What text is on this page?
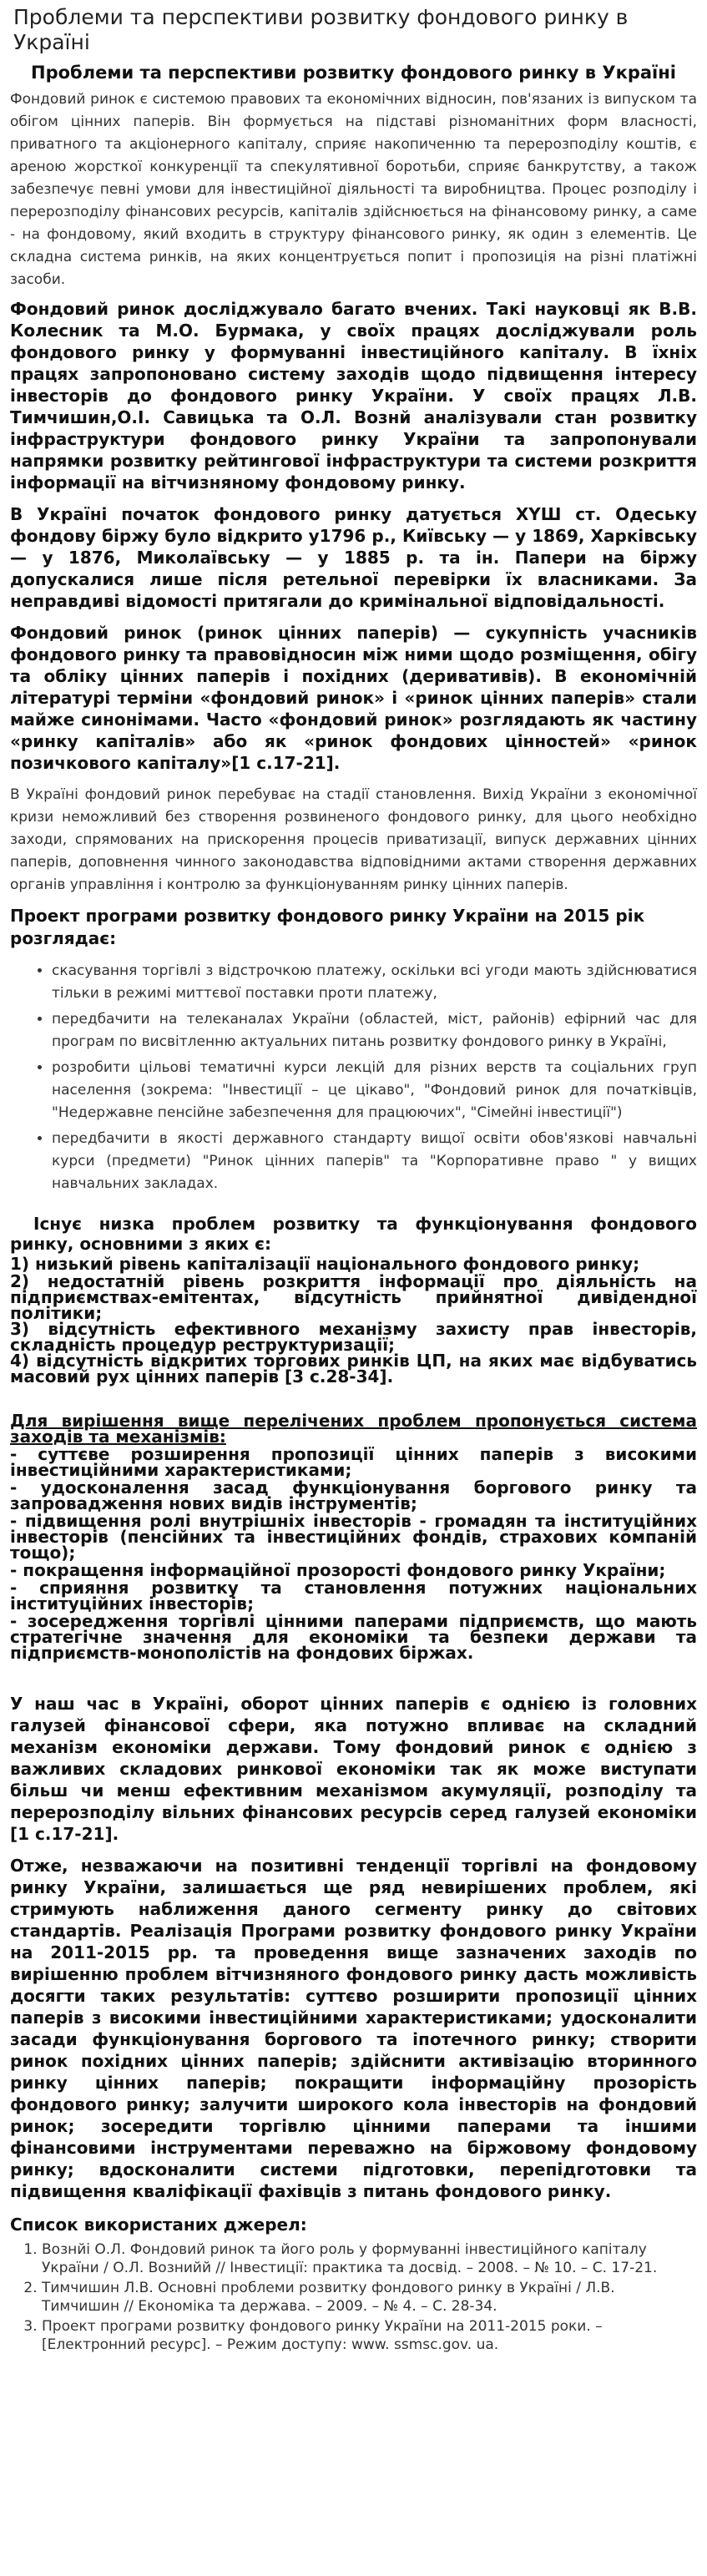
Проблеми та перспективи розвитку фондового ринку в Україні
Проблеми та перспективи розвитку фондового ринку в Україні

Фондовий ринок є системою правових та економічних відносин, пов'язаних із випуском та обігом цінних паперів. Він формується на підставі різноманітних форм власності, приватного та акціонерного капіталу, сприяє накопиченню та перерозподілу коштів, є ареною жорсткої конкуренції та спекулятивної боротьби, сприяє банкрутству, а також забезпечує певні умови для інвестиційної діяльності та виробництва. Процес розподілу і перерозподілу фінансових ресурсів, капіталів здійснюється на фінансовому ринку, а саме - на фондовому, який входить в структуру фінансового ринку, як один з елементів. Це складна система ринків, на яких концентрується попит і пропозиція на різні платіжні засоби.

Фондовий ринок досліджувало багато вчених. Такі науковці як В.В. Колесник та М.О. Бурмака, у своїх працях досліджували роль фондового ринку у формуванні інвестиційного капіталу. В їхніх працях запропоновано систему заходів щодо підвищення інтересу інвесторів до фондового ринку України. У своїх працях Л.В. Тимчишин,О.І. Савицька та О.Л. Вознй аналізували стан розвитку інфраструктури фондового ринку України та запропонували напрямки розвитку рейтингової інфраструктури та системи розкриття інформації на вітчизняному фондовому ринку.

В Україні початок фондового ринку датується XYШ ст. Одеську фондову біржу було відкрито у1796 р., Київську — у 1869, Харківську — у 1876, Миколаївську — у 1885 р. та ін. Папери на біржу допускалися лише після ретельної перевірки їх власниками. За неправдиві відомості притягали до кримінальної відповідальності.

Фондовий ринок (ринок цінних паперів) — сукупність учасників фондового ринку та правовідносин між ними щодо розміщення, обігу та обліку цінних паперів і похідних (деривативів). В економічній літературі терміни «фондовий ринок» і «ринок цінних паперів» стали майже синонімами. Часто «фондовий ринок» розглядають як частину «ринку капіталів» або як «ринок фондових цінностей» «ринок позичкового капіталу»[1 с.17-21].

В Україні фондовий ринок перебуває на стадії становлення. Вихід України з економічної кризи неможливий без створення розвиненого фондового ринку, для цього необхідно заходи, спрямованих на прискорення процесів приватизації, випуск державних цінних паперів, доповнення чинного законодавства відповідними актами створення державних органів управління і контролю за функціонуванням ринку цінних паперів.

Проект програми розвитку фондового ринку України на 2015 рік розглядає:
• скасування торгівлі з відстрочкою платежу, оскільки всі угоди мають здійснюватися тільки в режимі миттєвої поставки проти платежу,
• передбачити на телеканалах України (областей, міст, районів) ефірний час для програм по висвітленню актуальних питань розвитку фондового ринку в Україні,
• розробити цільові тематичні курси лекцій для різних верств та соціальних груп населення (зокрема: "Інвестиції – це цікаво", "Фондовий ринок для початківців, "Недержавне пенсійне забезпечення для працюючих", "Сімейні інвестиції")
• передбачити в якості державного стандарту вищої освіти обов'язкові навчальні курси (предмети) "Ринок цінних паперів" та "Корпоративне право " у вищих навчальних закладах.

Існує низка проблем розвитку та функціонування фондового ринку, основними з яких є:

1) низький рівень капіталізації національного фондового ринку;

2) недостатній рівень розкриття інформації про діяльність на підприємствах-емітентах, відсутність прийнятної дивідендної політики;

3) відсутність ефективного механізму захисту прав інвесторів, складність процедур реструктуризації;

4) відсутність відкритих торгових ринків ЦП, на яких має відбуватись масовий рух цінних паперів [3 с.28-34].

Для вирішення вище перелічених проблем пропонується система заходів та механізмів:

- суттєве розширення пропозиції цінних паперів з високими інвестиційними характеристиками;

- удосконалення засад функціонування боргового ринку та запровадження нових видів інструментів;

- підвищення ролі внутрішніх інвесторів - громадян та інституційних інвесторів (пенсійних та інвестиційних фондів, страхових компаній тощо);

- покращення інформаційної прозорості фондового ринку України;

- сприяння розвитку та становлення потужних національних інституційних інвесторів;

- зосередження торгівлі цінними паперами підприємств, що мають стратегічне значення для економіки та безпеки держави та підприємств-монополістів на фондових біржах.

У наш час в Україні, оборот цінних паперів є однією із головних галузей фінансової сфери, яка потужно впливає на складний механізм економіки держави. Тому фондовий ринок є однією з важливих складових ринкової економіки так як може виступати більш чи менш ефективним механізмом акумуляції, розподілу та перерозподілу вільних фінансових ресурсів серед галузей економіки [1 с.17-21].

Отже, незважаючи на позитивні тенденції торгівлі на фондовому ринку України, залишається ще ряд невирішених проблем, які стримують наближення даного сегменту ринку до світових стандартів. Реалізація Програми розвитку фондового ринку України на 2011-2015 рр. та проведення вище зазначених заходів по вирішенню проблем вітчизняного фондового ринку дасть можливість досягти таких результатів: суттєво розширити пропозиції цінних паперів з високими інвестиційними характеристиками; удосконалити засади функціонування боргового та іпотечного ринку; створити ринок похідних цінних паперів; здійснити активізацію вторинного ринку цінних паперів; покращити інформаційну прозорість фондового ринку; залучити широкого кола інвесторів на фондовий ринок; зосередити торгівлю цінними паперами та іншими фінансовими інструментами переважно на біржовому фондовому ринку; вдосконалити системи підготовки, перепідготовки та підвищення кваліфікації фахівців з питань фондового ринку.

Список використаних джерел:
1. Вознйі О.Л. Фондовий ринок та його роль у формуванні інвестиційного капіталу України / О.Л. Вознийй // Інвестиції: практика та досвід. – 2008. – № 10. – С. 17-21.
2. Тимчишин Л.В. Основні проблеми розвитку фондового ринку в Україні / Л.В. Тимчишин // Економіка та держава. – 2009. – № 4. – С. 28-34.
3. Проект програми розвитку фондового ринку України на 2011-2015 роки. – [Електронний ресурс]. – Режим доступу: www. ssmsc.gov. ua.
